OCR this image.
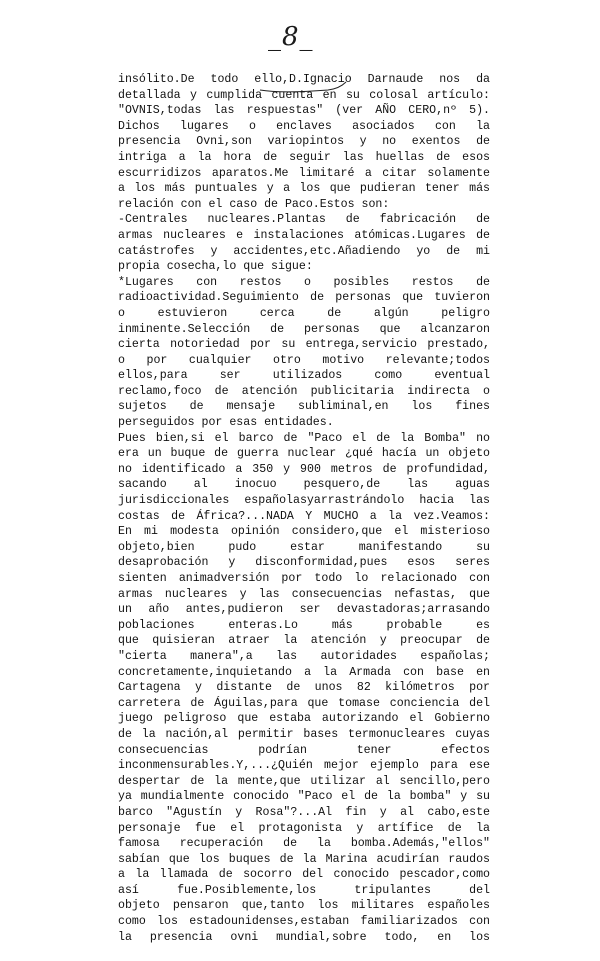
_8_
insólito.De todo ello,D.Ignacio Darnaude nos da
detallada y cumplida cuenta en su colosal artículo:
"OVNIS,todas las respuestas" (ver AÑO CERO,nº 5).
Dichos lugares o enclaves asociados con la
presencia Ovni,son variopintos y no exentos de
intriga a la hora de seguir las huellas de esos
escurridizos aparatos.Me limitaré a citar solamente
a los más puntuales y a los que pudieran tener más
relación con el caso de Paco.Estos son:
-Centrales nucleares.Plantas de fabricación de
armas nucleares e instalaciones atómicas.Lugares de
catástrofes y accidentes,etc.Añadiendo yo de mi
propia cosecha,lo que sigue:
*Lugares con restos o posibles restos de
radioactividad.Seguimiento de personas que tuvieron
o estuvieron cerca de algún peligro
inminente.Selección de personas que alcanzaron
cierta notoriedad por su entrega,servicio prestado,
o por cualquier otro motivo relevante;todos
ellos,para ser utilizados como eventual
reclamo,foco de atención publicitaria indirecta o
sujetos de mensaje subliminal,en los fines
perseguidos por esas entidades.
Pues bien,si el barco de "Paco el de la Bomba" no
era un buque de guerra nuclear ¿qué hacía un objeto
no identificado a 350 y 900 metros de profundidad,
sacando al inocuo pesquero,de las aguas
jurisdiccionales españolasyarrastrándolo hacia las
costas de África?...NADA Y MUCHO a la vez.Veamos:
En mi modesta opinión considero,que el misterioso
objeto,bien pudo estar manifestando su
desaprobación y disconformidad,pues esos seres
sienten animadversión por todo lo relacionado con
armas nucleares y las consecuencias nefastas, que
un año antes,pudieron ser devastadoras;arrasando
poblaciones enteras.Lo más probable es
que quisieran atraer la atención y preocupar de
"cierta manera",a las autoridades españolas;
concretamente,inquietando a la Armada con base en
Cartagena y distante de unos 82 kilómetros por
carretera de Águilas,para que tomase conciencia del
juego peligroso que estaba autorizando el Gobierno
de la nación,al permitir bases termonucleares cuyas
consecuencias podrían tener efectos
inconmensurables.Y,...¿Quién mejor ejemplo para ese
despertar de la mente,que utilizar al sencillo,pero
ya mundialmente conocido "Paco el de la bomba" y su
barco "Agustín y Rosa"?...Al fin y al cabo,este
personaje fue el protagonista y artífice de la
famosa recuperación de la bomba.Además,"ellos"
sabían que los buques de la Marina acudirían raudos
a la llamada de socorro del conocido pescador,como
así fue.Posiblemente,los tripulantes del
objeto pensaron que,tanto los militares españoles
como los estadounidenses,estaban familiarizados con
la presencia ovni mundial,sobre todo, en los
